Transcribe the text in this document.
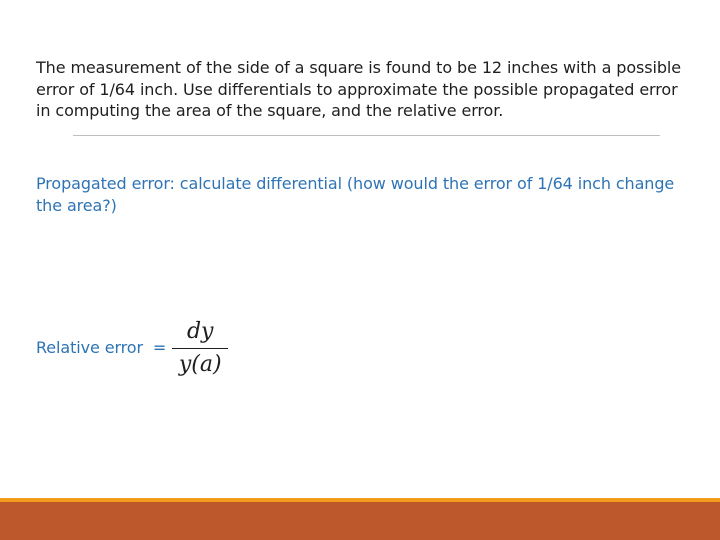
The measurement of the side of a square is found to be 12 inches with a possible error of 1/64 inch. Use differentials to approximate the possible propagated error in computing the area of the square, and the relative error.

Propagated error: calculate differential (how would the error of 1/64 inch change the area?)

Relative error  = $\frac{dy}{y(a)}$
